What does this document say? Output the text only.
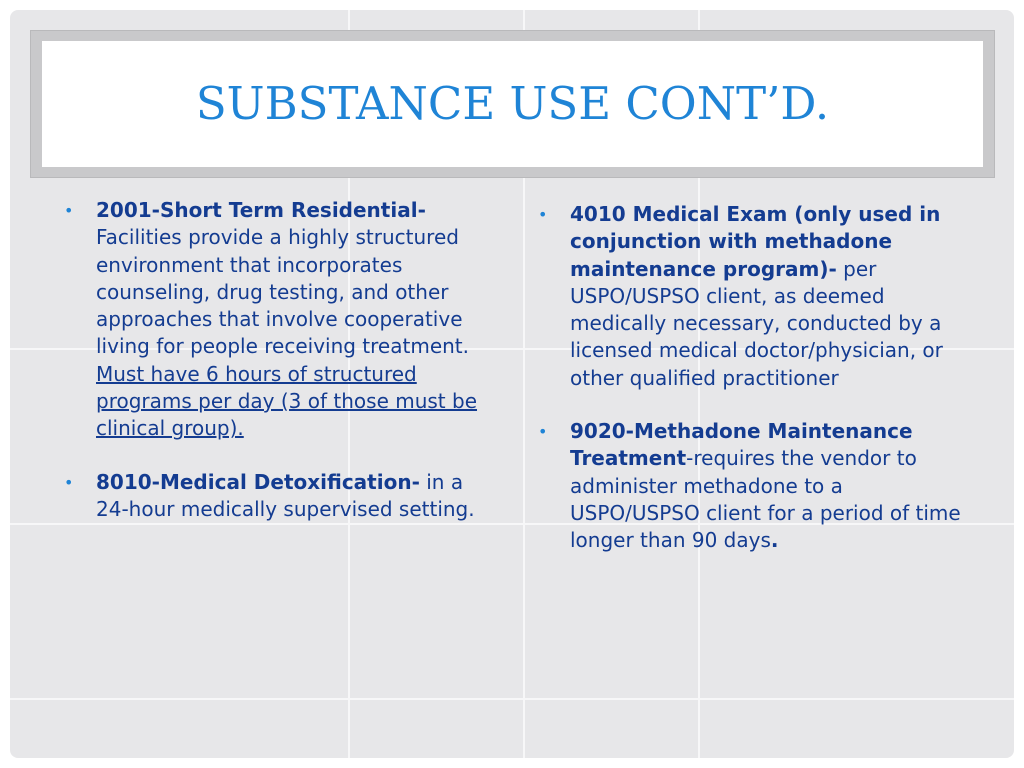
SUBSTANCE USE CONT’D.
• 2001-Short Term Residential- Facilities provide a highly structured environment that incorporates counseling, drug testing, and other approaches that involve cooperative living for people receiving treatment. Must have 6 hours of structured programs per day (3 of those must be clinical group).
• 8010-Medical Detoxification- in a 24-hour medically supervised setting.
• 4010 Medical Exam (only used in conjunction with methadone maintenance program)- per USPO/USPSO client, as deemed medically necessary, conducted by a licensed medical doctor/physician, or other qualified practitioner
• 9020-Methadone Maintenance Treatment-requires the vendor to administer methadone to a USPO/USPSO client for a period of time longer than 90 days.
